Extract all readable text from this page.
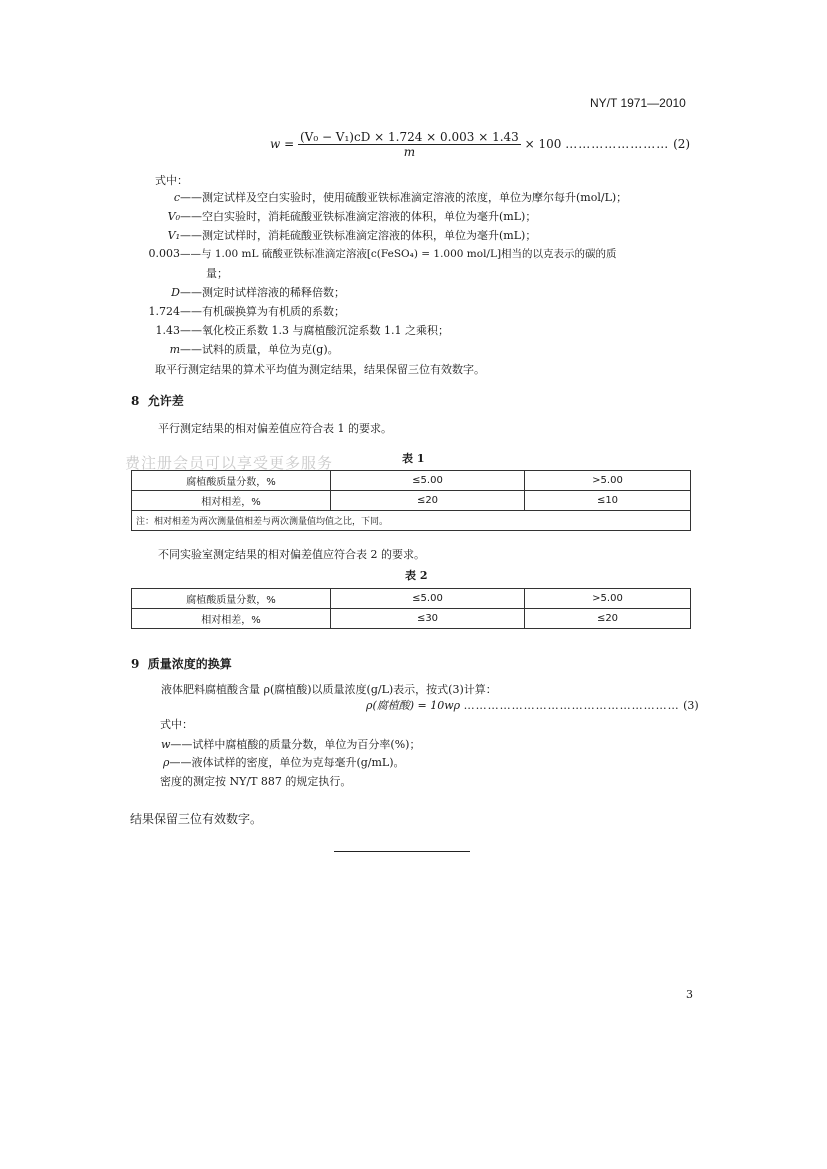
NY/T 1971—2010
$w = \frac{\text{(V₀ − V₁)cD × 1.724 × 0.003 × 1.43}}{m} \times 100$ …………………… (2)
式中：
c——测定试样及空白实验时，使用硫酸亚铁标准滴定溶液的浓度，单位为摩尔每升(mol/L)；
V₀——空白实验时，消耗硫酸亚铁标准滴定溶液的体积，单位为毫升(mL)；
V₁——测定试样时，消耗硫酸亚铁标准滴定溶液的体积，单位为毫升(mL)；
0.003——与 1.00 mL 硫酸亚铁标准滴定溶液[c(FeSO₄) = 1.000 mol/L]相当的以克表示的碳的质
量；
D——测定时试样溶液的稀释倍数；
1.724——有机碳换算为有机质的系数；
1.43——氧化校正系数 1.3 与腐植酸沉淀系数 1.1 之乘积；
m——试料的质量，单位为克(g)。
取平行测定结果的算术平均值为测定结果，结果保留三位有效数字。
8 允许差
平行测定结果的相对偏差值应符合表 1 的要求。
费注册会员可以享受更多服务	表 1
腐植酸质量分数，%	≤5.00	>5.00
相对相差，%	≤20	≤10
注：相对相差为两次测量值相差与两次测量值均值之比，下同。		
不同实验室测定结果的相对偏差值应符合表 2 的要求。
表 2
腐植酸质量分数，%	≤5.00	>5.00
相对相差，%	≤30	≤20
9 质量浓度的换算
液体肥料腐植酸含量 ρ(腐植酸)以质量浓度(g/L)表示，按式(3)计算：
ρ(腐植酸) = 10wρ ……………………………………………… (3)
式中：
w——试样中腐植酸的质量分数，单位为百分率(%)；
ρ——液体试样的密度，单位为克每毫升(g/mL)。
密度的测定按 NY/T 887 的规定执行。
结果保留三位有效数字。
3
